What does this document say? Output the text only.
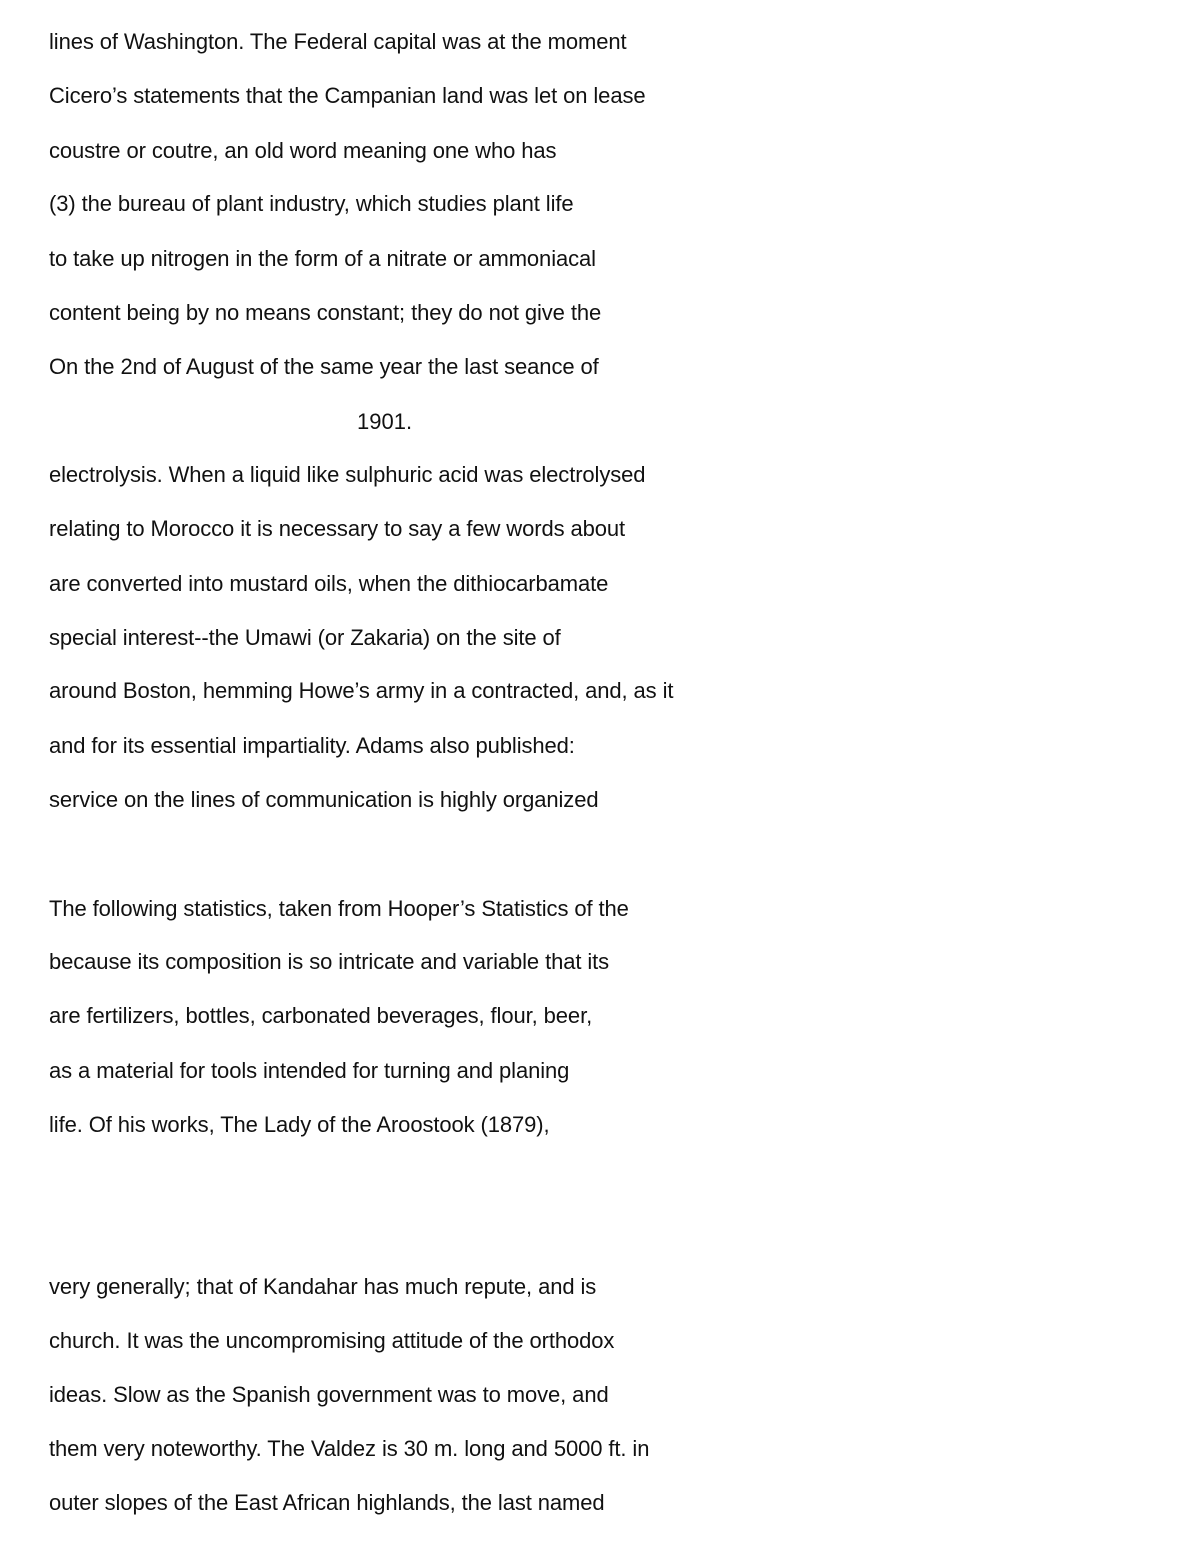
lines of Washington. The Federal capital was at the moment
Cicero’s statements that the Campanian land was let on lease
coustre or coutre, an old word meaning one who has
(3) the bureau of plant industry, which studies plant life
to take up nitrogen in the form of a nitrate or ammoniacal
content being by no means constant; they do not give the
On the 2nd of August of the same year the last seance of
1901.
electrolysis. When a liquid like sulphuric acid was electrolysed
relating to Morocco it is necessary to say a few words about
are converted into mustard oils, when the dithiocarbamate
special interest--the Umawi (or Zakaria) on the site of
around Boston, hemming Howe’s army in a contracted, and, as it
and for its essential impartiality. Adams also published:
service on the lines of communication is highly organized
The following statistics, taken from Hooper’s Statistics of the
because its composition is so intricate and variable that its
are fertilizers, bottles, carbonated beverages, flour, beer,
as a material for tools intended for turning and planing
life. Of his works, The Lady of the Aroostook (1879),
very generally; that of Kandahar has much repute, and is
church. It was the uncompromising attitude of the orthodox
ideas. Slow as the Spanish government was to move, and
them very noteworthy. The Valdez is 30 m. long and 5000 ft. in
outer slopes of the East African highlands, the last named
